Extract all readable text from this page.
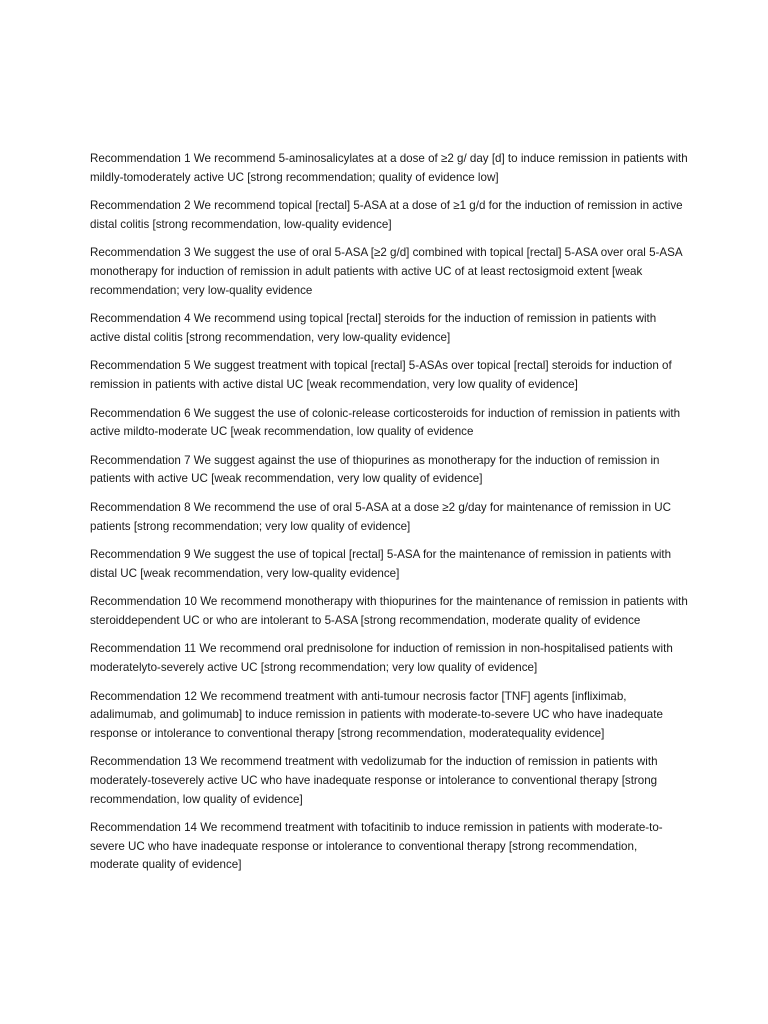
Recommendation 1 We recommend 5-aminosalicylates at a dose of ≥2 g/ day [d] to induce remission in patients with mildly-tomoderately active UC [strong recommendation; quality of evidence low]

Recommendation 2 We recommend topical [rectal] 5-ASA at a dose of ≥1 g/d for the induction of remission in active distal colitis [strong recommendation, low-quality evidence]

Recommendation 3 We suggest the use of oral 5-ASA [≥2 g/d] combined with topical [rectal] 5-ASA over oral 5-ASA monotherapy for induction of remission in adult patients with active UC of at least rectosigmoid extent [weak recommendation; very low-quality evidence

Recommendation 4 We recommend using topical [rectal] steroids for the induction of remission in patients with active distal colitis [strong recommendation, very low-quality evidence]

Recommendation 5 We suggest treatment with topical [rectal] 5-ASAs over topical [rectal] steroids for induction of remission in patients with active distal UC [weak recommendation, very low quality of evidence]

Recommendation 6 We suggest the use of colonic-release corticosteroids for induction of remission in patients with active mildto-moderate UC [weak recommendation, low quality of evidence

Recommendation 7 We suggest against the use of thiopurines as monotherapy for the induction of remission in patients with active UC [weak recommendation, very low quality of evidence]

Recommendation 8 We recommend the use of oral 5-ASA at a dose ≥2 g/day for maintenance of remission in UC patients [strong recommendation; very low quality of evidence]

Recommendation 9 We suggest the use of topical [rectal] 5-ASA for the maintenance of remission in patients with distal UC [weak recommendation, very low-quality evidence]

Recommendation 10 We recommend monotherapy with thiopurines for the maintenance of remission in patients with steroiddependent UC or who are intolerant to 5-ASA [strong recommendation, moderate quality of evidence

Recommendation 11 We recommend oral prednisolone for induction of remission in non-hospitalised patients with moderatelyto-severely active UC [strong recommendation; very low quality of evidence]

Recommendation 12 We recommend treatment with anti-tumour necrosis factor [TNF] agents [infliximab, adalimumab, and golimumab] to induce remission in patients with moderate-to-severe UC who have inadequate response or intolerance to conventional therapy [strong recommendation, moderatequality evidence]

Recommendation 13 We recommend treatment with vedolizumab for the induction of remission in patients with moderately-toseverely active UC who have inadequate response or intolerance to conventional therapy [strong recommendation, low quality of evidence]

Recommendation 14 We recommend treatment with tofacitinib to induce remission in patients with moderate-to-severe UC who have inadequate response or intolerance to conventional therapy [strong recommendation, moderate quality of evidence]
